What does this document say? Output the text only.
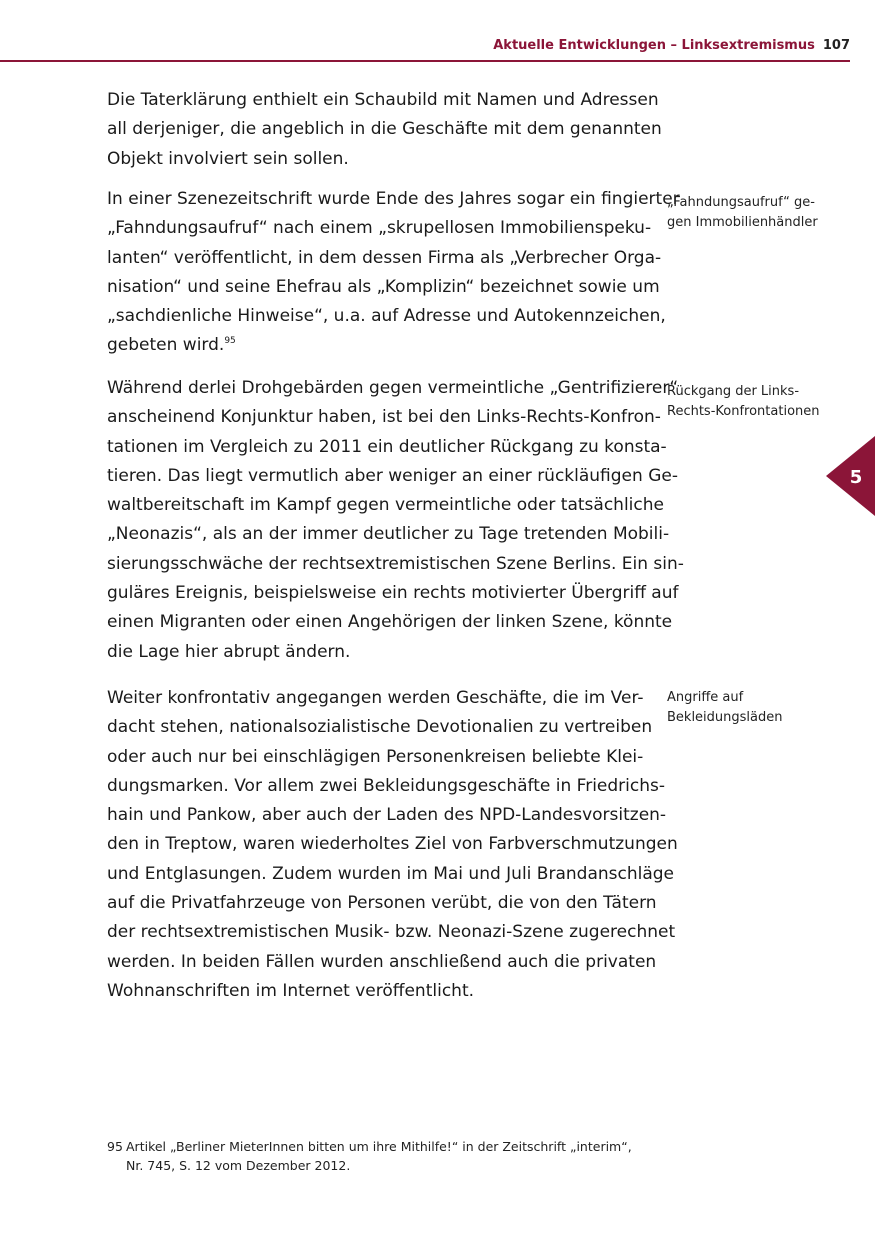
Aktuelle Entwicklungen – Linksextremismus 107
Die Taterklärung enthielt ein Schaubild mit Namen und Adressen
all derjeniger, die angeblich in die Geschäfte mit dem genannten
Objekt involviert sein sollen.
In einer Szenezeitschrift wurde Ende des Jahres sogar ein fingierter
„Fahndungsaufruf“ nach einem „skrupellosen Immobilienspeku-
lanten“ veröffentlicht, in dem dessen Firma als „Verbrecher Orga-
nisation“ und seine Ehefrau als „Komplizin“ bezeichnet sowie um
„sachdienliche Hinweise“, u.a. auf Adresse und Autokennzeichen,
gebeten wird.$^{95}$
Während derlei Drohgebärden gegen vermeintliche „Gentrifizierer“
anscheinend Konjunktur haben, ist bei den Links-Rechts-Konfron-
tationen im Vergleich zu 2011 ein deutlicher Rückgang zu konsta-
tieren. Das liegt vermutlich aber weniger an einer rückläufigen Ge-
waltbereitschaft im Kampf gegen vermeintliche oder tatsächliche
„Neonazis“, als an der immer deutlicher zu Tage tretenden Mobili-
sierungsschwäche der rechtsextremistischen Szene Berlins. Ein sin-
guläres Ereignis, beispielsweise ein rechts motivierter Übergriff auf
einen Migranten oder einen Angehörigen der linken Szene, könnte
die Lage hier abrupt ändern.
Weiter konfrontativ angegangen werden Geschäfte, die im Ver-
dacht stehen, nationalsozialistische Devotionalien zu vertreiben
oder auch nur bei einschlägigen Personenkreisen beliebte Klei-
dungsmarken. Vor allem zwei Bekleidungsgeschäfte in Friedrichs-
hain und Pankow, aber auch der Laden des NPD-Landesvorsitzen-
den in Treptow, waren wiederholtes Ziel von Farbverschmutzungen
und Entglasungen. Zudem wurden im Mai und Juli Brandanschläge
auf die Privatfahrzeuge von Personen verübt, die von den Tätern
der rechtsextremistischen Musik- bzw. Neonazi-Szene zugerechnet
werden. In beiden Fällen wurden anschließend auch die privaten
Wohnanschriften im Internet veröffentlicht.
„Fahndungsaufruf“ ge-
gen Immobilienhändler
Rückgang der Links-
Rechts-Konfrontationen
Angriffe auf
Bekleidungsläden
5
95 Artikel „Berliner MieterInnen bitten um ihre Mithilfe!“ in der Zeitschrift „interim“,
Nr. 745, S. 12 vom Dezember 2012.
